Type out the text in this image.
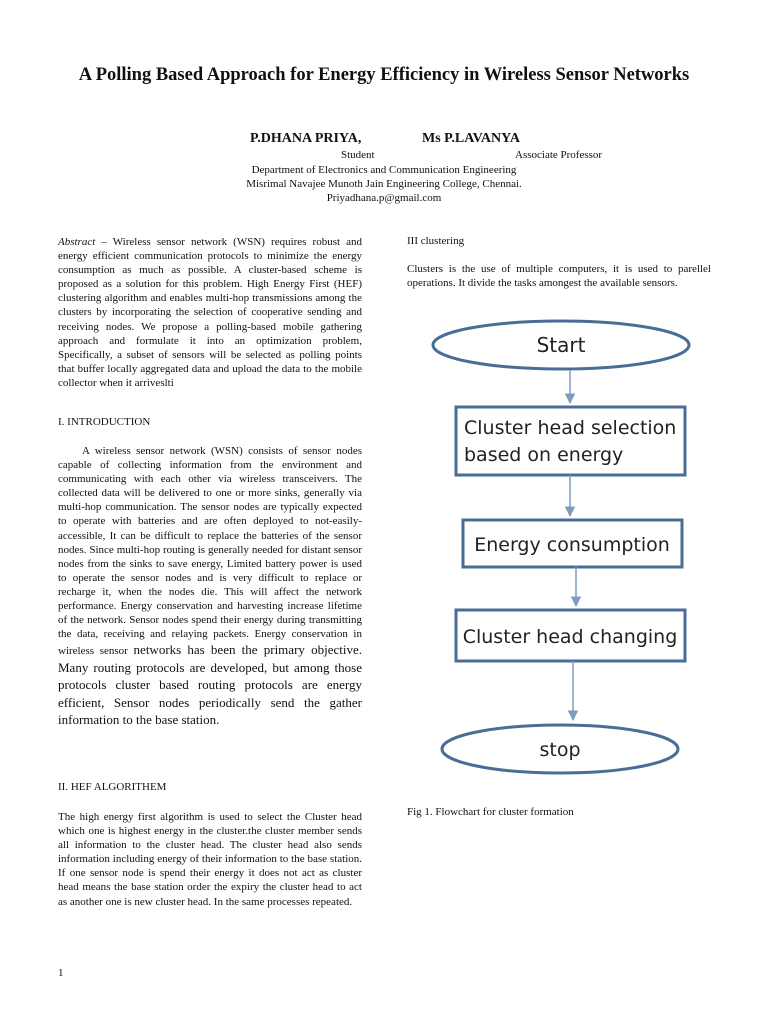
A Polling Based Approach for Energy Efficiency in Wireless Sensor Networks
P.DHANA PRIYA,	Ms P.LAVANYA
Student	Associate Professor
Department of Electronics and Communication Engineering
Misrimal Navajee Munoth Jain Engineering College, Chennai.
Priyadhana.p@gmail.com

Abstract – Wireless sensor network (WSN) requires robust and energy efficient communication protocols to minimize the energy consumption as much as possible. A cluster-based scheme is proposed as a solution for this problem. High Energy First (HEF) clustering algorithm and enables multi-hop transmissions among the clusters by incorporating the selection of cooperative sending and receiving nodes. We propose a polling-based mobile gathering approach and formulate it into an optimization problem, Specifically, a subset of sensors will be selected as polling points that buffer locally aggregated data and upload the data to the mobile collector when it arriveslti

I. INTRODUCTION

A wireless sensor network (WSN) consists of sensor nodes capable of collecting information from the environment and communicating with each other via wireless transceivers. The collected data will be delivered to one or more sinks, generally via multi-hop communication. The sensor nodes are typically expected to operate with batteries and are often deployed to not-easily-accessible, It can be difficult to replace the batteries of the sensor nodes. Since multi-hop routing is generally needed for distant sensor nodes from the sinks to save energy, Limited battery power is used to operate the sensor nodes and is very difficult to replace or recharge it, when the nodes die. This will affect the network performance. Energy conservation and harvesting increase lifetime of the network. Sensor nodes spend their energy during transmitting the data, receiving and relaying packets. Energy conservation in wireless sensor networks has been the primary objective. Many routing protocols are developed, but among those protocols cluster based routing protocols are energy efficient, Sensor nodes periodically send the gather information to the base station.

II. HEF ALGORITHEM

The high energy first algorithm is used to select the Cluster head which one is highest energy in the cluster.the cluster member sends all information to the cluster head. The cluster head also sends information including energy of their information to the base station. If one sensor node is spend their energy it does not act as cluster head means the base station order the expiry the cluster head to act as another one is new cluster head. In the same processes repeated.

III clustering

Clusters is the use of multiple computers, it is used to parellel operations. It divide the tasks amongest the available sensors.

Start
Cluster head selection
based on energy
Energy consumption
Cluster head changing
stop
Fig 1. Flowchart for cluster formation
1
